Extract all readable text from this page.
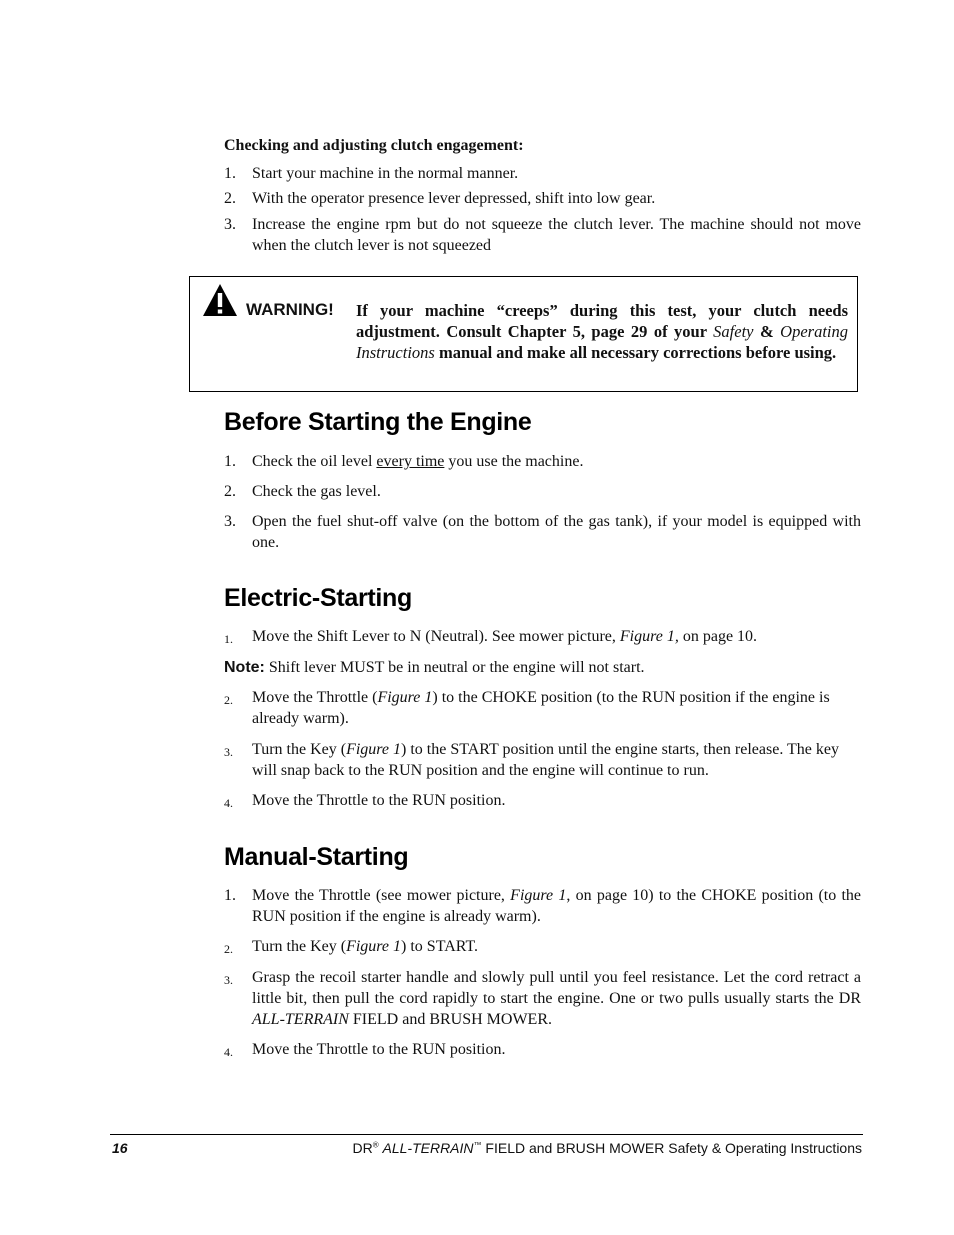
Checking and adjusting clutch engagement:
1. Start your machine in the normal manner.
2. With the operator presence lever depressed, shift into low gear.
3. Increase the engine rpm but do not squeeze the clutch lever. The machine should not move when the clutch lever is not squeezed
WARNING! If your machine “creeps” during this test, your clutch needs adjustment. Consult Chapter 5, page 29 of your Safety & Operating Instructions manual and make all necessary corrections before using.
Before Starting the Engine
1. Check the oil level every time you use the machine.
2. Check the gas level.
3. Open the fuel shut-off valve (on the bottom of the gas tank), if your model is equipped with one.
Electric-Starting
1. Move the Shift Lever to N (Neutral). See mower picture, Figure 1, on page 10.
Note: Shift lever MUST be in neutral or the engine will not start.
2. Move the Throttle (Figure 1) to the CHOKE position (to the RUN position if the engine is already warm).
3. Turn the Key (Figure 1) to the START position until the engine starts, then release. The key will snap back to the RUN position and the engine will continue to run.
4. Move the Throttle to the RUN position.
Manual-Starting
1. Move the Throttle (see mower picture, Figure 1, on page 10) to the CHOKE position (to the RUN position if the engine is already warm).
2. Turn the Key (Figure 1) to START.
3. Grasp the recoil starter handle and slowly pull until you feel resistance. Let the cord retract a little bit, then pull the cord rapidly to start the engine. One or two pulls usually starts the DR ALL-TERRAIN FIELD and BRUSH MOWER.
4. Move the Throttle to the RUN position.
16	DR® ALL-TERRAIN™ FIELD and BRUSH MOWER Safety & Operating Instructions
